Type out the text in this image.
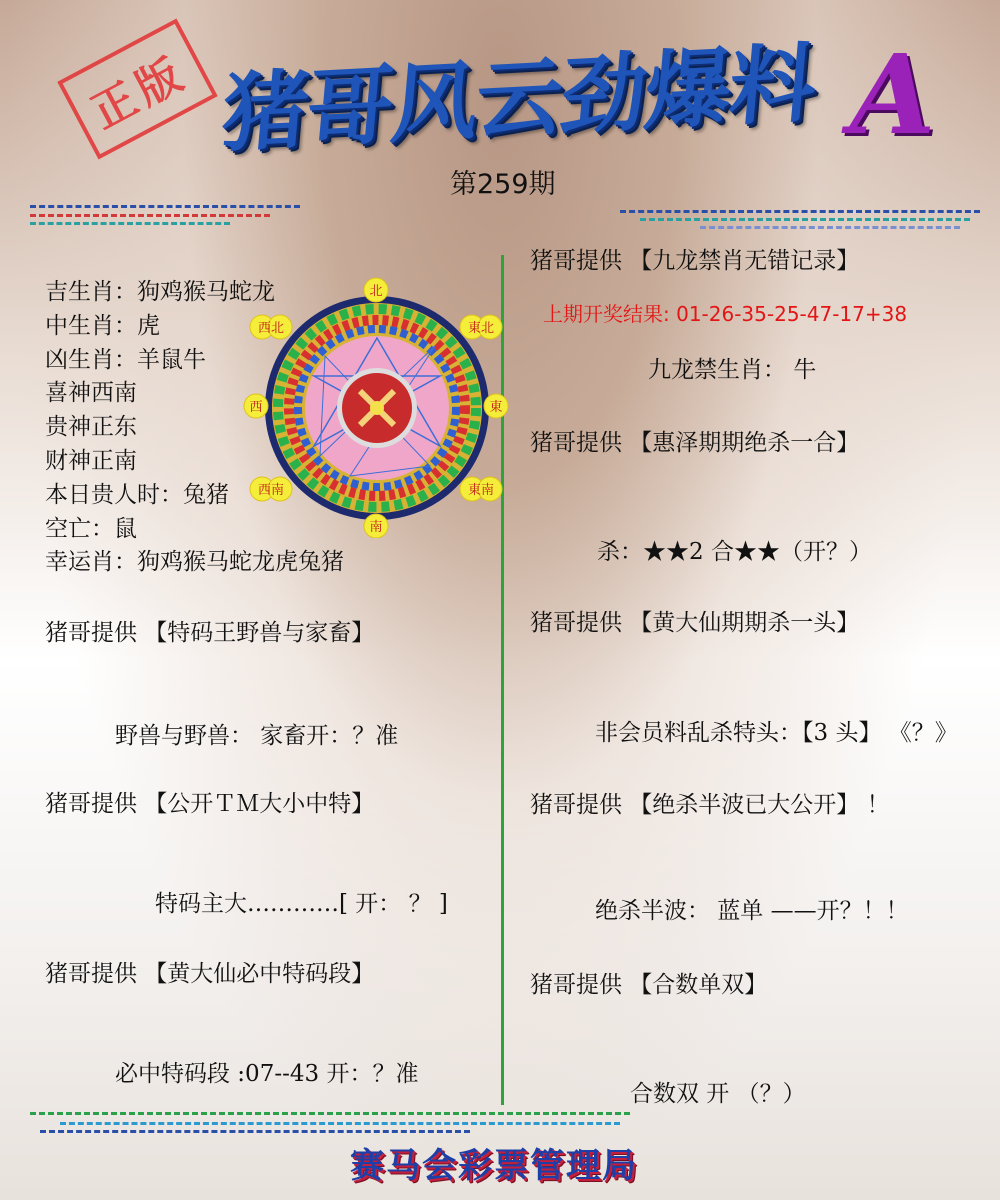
正版 猪哥风云劲爆料 A
第259期
吉生肖：狗鸡猴马蛇龙
中生肖：虎
凶生肖：羊鼠牛
喜神西南
贵神正东
财神正南
本日贵人时：兔猪
空亡：鼠
幸运肖：狗鸡猴马蛇龙虎兔猪
北
南
西	東
西北	東北
西南	東南
猪哥提供 【特码王野兽与家畜】
野兽与野兽： 家畜开：？准
猪哥提供 【公开ＴＭ大小中特】
特码主大…………[ 开： ？ ]
猪哥提供 【黄大仙必中特码段】
必中特码段 :07--43 开：？准
猪哥提供 【九龙禁肖无错记录】
上期开奖结果: 01-26-35-25-47-17+38
九龙禁生肖： 牛
猪哥提供 【惠泽期期绝杀一合】
杀：★★2 合★★（开？）
猪哥提供 【黄大仙期期杀一头】
非会员料乱杀特头：【3 头】 《？》
猪哥提供 【绝杀半波已大公开】 ！
绝杀半波： 蓝单 ——开？！！
猪哥提供 【合数单双】
合数双 开 （？）
赛马会彩票管理局
